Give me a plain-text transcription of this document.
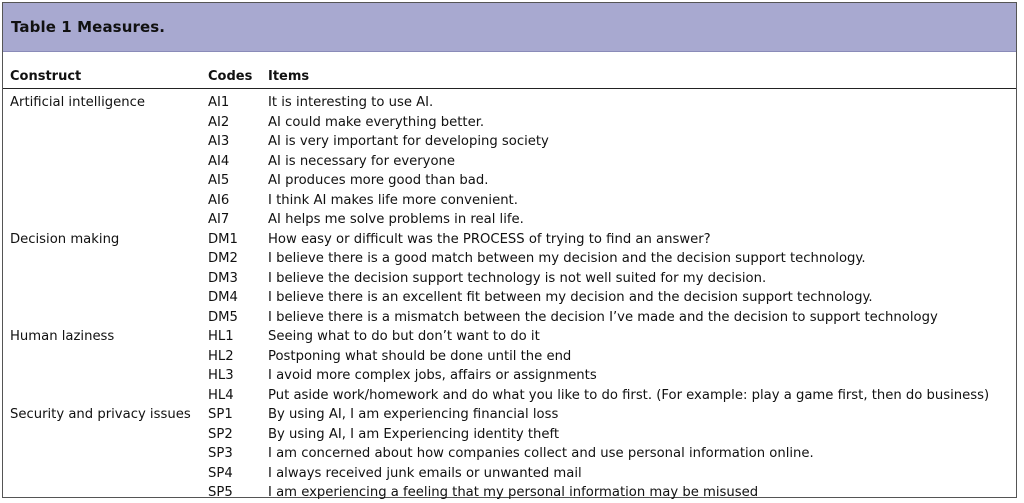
Table 1 Measures.
Construct	Codes Items
Artificial intelligence	AI1	It is interesting to use AI.
AI2	AI could make everything better.
AI3	AI is very important for developing society
AI4	AI is necessary for everyone
AI5	AI produces more good than bad.
AI6	I think AI makes life more convenient.
AI7	AI helps me solve problems in real life.
Decision making	DM1 How easy or difficult was the PROCESS of trying to find an answer?
DM2 I believe there is a good match between my decision and the decision support technology.
DM3 I believe the decision support technology is not well suited for my decision.
DM4 I believe there is an excellent fit between my decision and the decision support technology.
DM5 I believe there is a mismatch between the decision I’ve made and the decision to support technology
Human laziness	HL1	Seeing what to do but don’t want to do it
HL2	Postponing what should be done until the end
HL3	I avoid more complex jobs, affairs or assignments
HL4	Put aside work/homework and do what you like to do first. (For example: play a game first, then do business)
Security and privacy issues SP1	By using AI, I am experiencing financial loss
SP2	By using AI, I am Experiencing identity theft
SP3	I am concerned about how companies collect and use personal information online.
SP4	I always received junk emails or unwanted mail
SP5	I am experiencing a feeling that my personal information may be misused
